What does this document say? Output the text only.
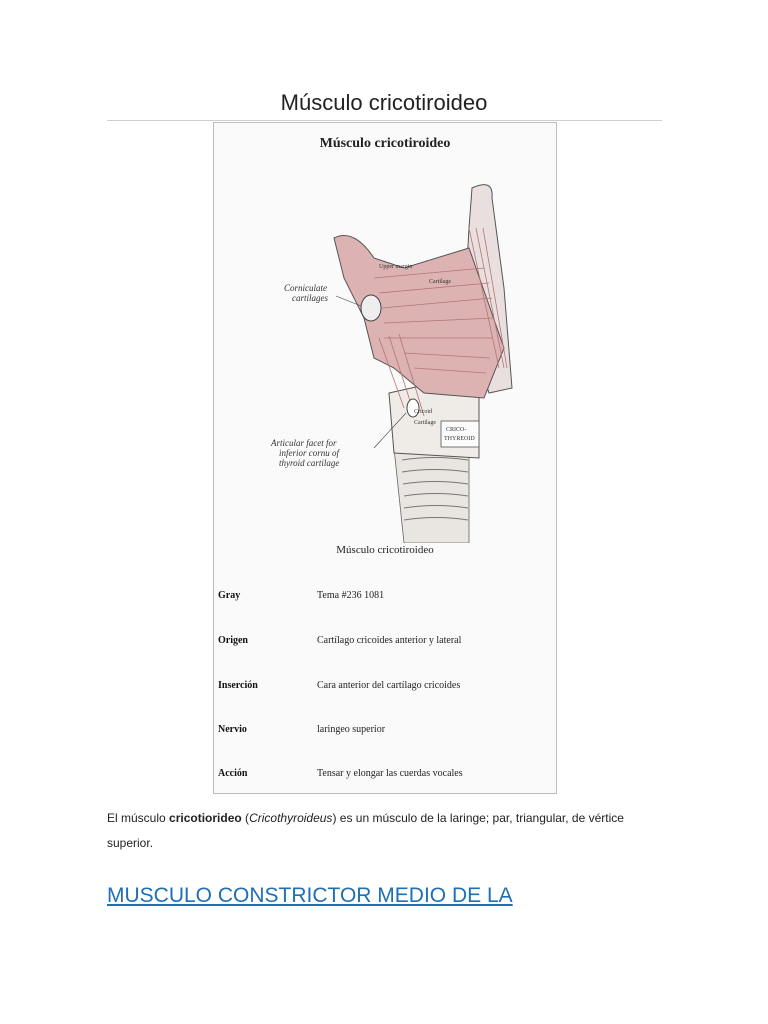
Músculo cricotiroideo
Músculo cricotiroideo
CRICO-
THYREOID
Corniculate
cartilages
Articular facet for
inferior cornu of
thyroid cartilage
Upper margin
Cartilage
Cricoid
Cartilage
Músculo cricotiroideo
Gray	Tema #236 1081
Origen	Cartílago cricoides anterior y lateral
Inserción	Cara anterior del cartílago cricoides
Nervio	laringeo superior
Acción	Tensar y elongar las cuerdas vocales

El músculo cricotiorideo (Cricothyroideus) es un músculo de la laringe; par, triangular, de vértice superior.

MUSCULO CONSTRICTOR MEDIO DE LA
